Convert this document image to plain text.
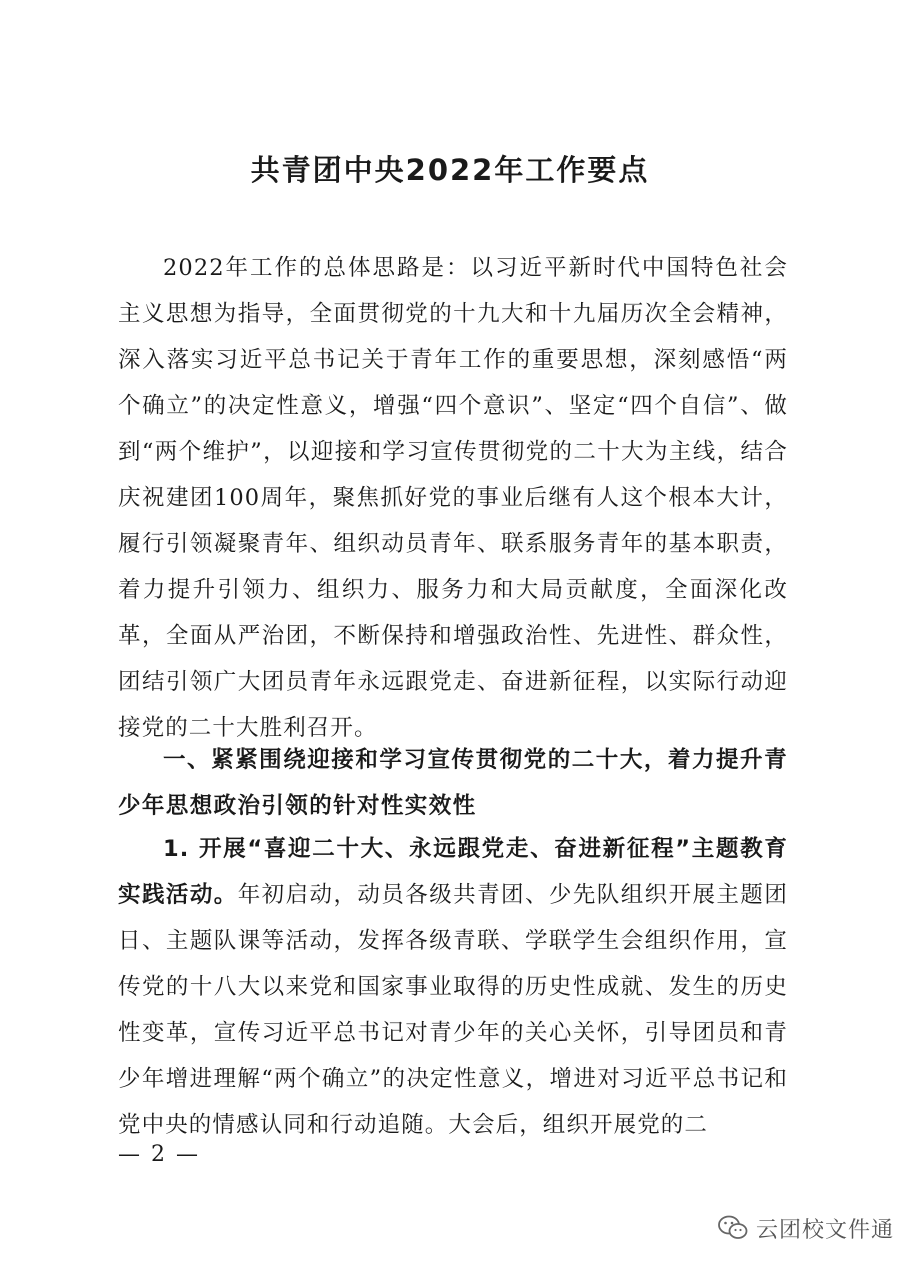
共青团中央2022年工作要点

2022年工作的总体思路是：以习近平新时代中国特色社会主义思想为指导，全面贯彻党的十九大和十九届历次全会精神，深入落实习近平总书记关于青年工作的重要思想，深刻感悟“两个确立”的决定性意义，增强“四个意识”、坚定“四个自信”、做到“两个维护”，以迎接和学习宣传贯彻党的二十大为主线，结合庆祝建团100周年，聚焦抓好党的事业后继有人这个根本大计，履行引领凝聚青年、组织动员青年、联系服务青年的基本职责，着力提升引领力、组织力、服务力和大局贡献度，全面深化改革，全面从严治团，不断保持和增强政治性、先进性、群众性，团结引领广大团员青年永远跟党走、奋进新征程，以实际行动迎接党的二十大胜利召开。

一、紧紧围绕迎接和学习宣传贯彻党的二十大，着力提升青少年思想政治引领的针对性实效性

1. 开展“喜迎二十大、永远跟党走、奋进新征程”主题教育实践活动。年初启动，动员各级共青团、少先队组织开展主题团日、主题队课等活动，发挥各级青联、学联学生会组织作用，宣传党的十八大以来党和国家事业取得的历史性成就、发生的历史性变革，宣传习近平总书记对青少年的关心关怀，引导团员和青少年增进理解“两个确立”的决定性意义，增进对习近平总书记和党中央的情感认同和行动追随。大会后，组织开展党的二

— 2 —
云团校文件通
